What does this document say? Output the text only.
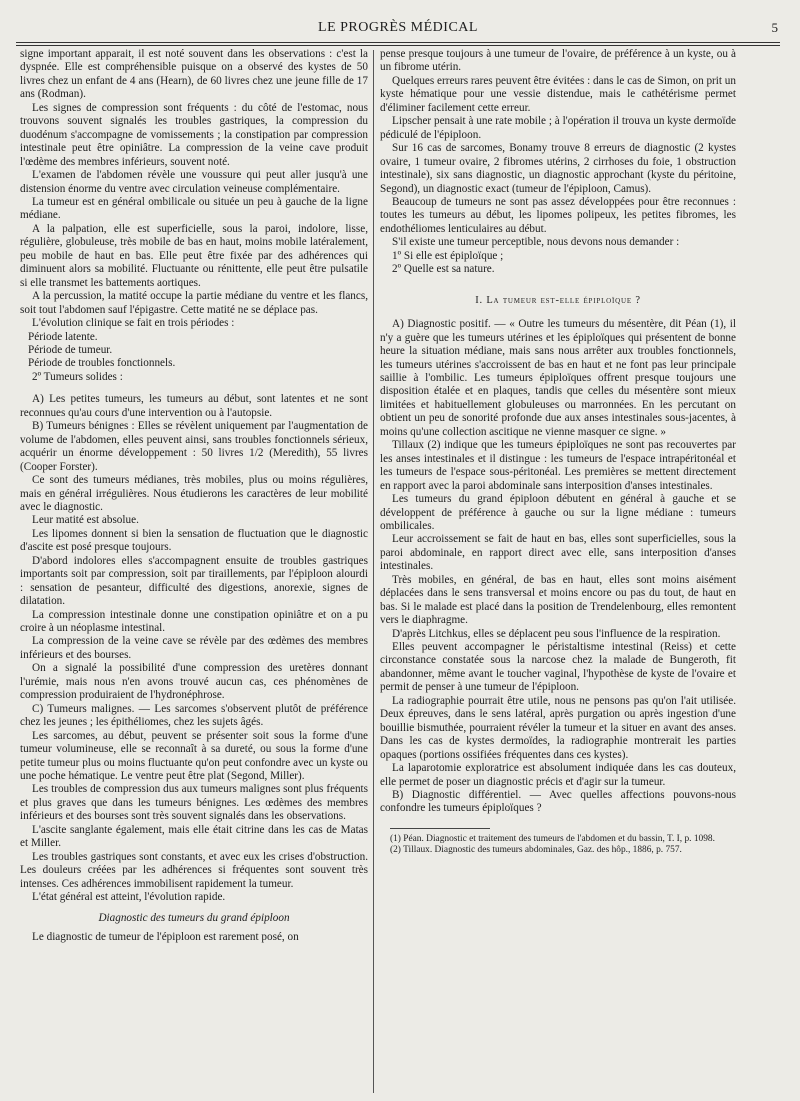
LE PROGRÈS MÉDICAL	5

signe important apparait, il est noté souvent dans les observations : c'est la dyspnée. Elle est compréhensible puisque on a observé des kystes de 50 livres chez un enfant de 4 ans (Hearn), de 60 livres chez une jeune fille de 17 ans (Rodman).

Les signes de compression sont fréquents : du côté de l'estomac, nous trouvons souvent signalés les troubles gastriques, la compression du duodénum s'accompagne de vomissements ; la constipation par compression intestinale peut être opiniâtre. La compression de la veine cave produit l'œdème des membres inférieurs, souvent noté.

L'examen de l'abdomen révèle une voussure qui peut aller jusqu'à une distension énorme du ventre avec circulation veineuse complémentaire.

La tumeur est en général ombilicale ou située un peu à gauche de la ligne médiane.

A la palpation, elle est superficielle, sous la paroi, indolore, lisse, régulière, globuleuse, très mobile de bas en haut, moins mobile latéralement, peu mobile de haut en bas. Elle peut être fixée par des adhérences qui diminuent alors sa mobilité. Fluctuante ou rénittente, elle peut être pulsatile si elle transmet les battements aortiques.

A la percussion, la matité occupe la partie médiane du ventre et les flancs, soit tout l'abdomen sauf l'épigastre. Cette matité ne se déplace pas.

L'évolution clinique se fait en trois périodes :

Période latente.

Période de tumeur.

Période de troubles fonctionnels.

2º Tumeurs solides :

A) Les petites tumeurs, les tumeurs au début, sont latentes et ne sont reconnues qu'au cours d'une intervention ou à l'autopsie.

B) Tumeurs bénignes : Elles se révèlent uniquement par l'augmentation de volume de l'abdomen, elles peuvent ainsi, sans troubles fonctionnels sérieux, acquérir un énorme développement : 50 livres 1/2 (Meredith), 55 livres (Cooper Forster).

Ce sont des tumeurs médianes, très mobiles, plus ou moins régulières, mais en général irrégulières. Nous étudierons les caractères de leur mobilité avec le diagnostic.

Leur matité est absolue.

Les lipomes donnent si bien la sensation de fluctuation que le diagnostic d'ascite est posé presque toujours.

D'abord indolores elles s'accompagnent ensuite de troubles gastriques importants soit par compression, soit par tiraillements, par l'épiploon alourdi : sensation de pesanteur, difficulté des digestions, anorexie, signes de dilatation.

La compression intestinale donne une constipation opiniâtre et on a pu croire à un néoplasme intestinal.

La compression de la veine cave se révèle par des œdèmes des membres inférieurs et des bourses.

On a signalé la possibilité d'une compression des uretères donnant l'urémie, mais nous n'en avons trouvé aucun cas, ces phénomènes de compression produiraient de l'hydronéphrose.

C) Tumeurs malignes. — Les sarcomes s'observent plutôt de préférence chez les jeunes ; les épithéliomes, chez les sujets âgés.

Les sarcomes, au début, peuvent se présenter soit sous la forme d'une tumeur volumineuse, elle se reconnaît à sa dureté, ou sous la forme d'une petite tumeur plus ou moins fluctuante qu'on peut confondre avec un kyste ou une poche hématique. Le ventre peut être plat (Segond, Miller).

Les troubles de compression dus aux tumeurs malignes sont plus fréquents et plus graves que dans les tumeurs bénignes. Les œdèmes des membres inférieurs et des bourses sont très souvent signalés dans les observations.

L'ascite sanglante également, mais elle était citrine dans les cas de Matas et Miller.

Les troubles gastriques sont constants, et avec eux les crises d'obstruction. Les douleurs créées par les adhérences si fréquentes sont souvent très intenses. Ces adhérences immobilisent rapidement la tumeur.

L'état général est atteint, l'évolution rapide.

Diagnostic des tumeurs du grand épiploon

Le diagnostic de tumeur de l'épiploon est rarement posé, on

pense presque toujours à une tumeur de l'ovaire, de préférence à un kyste, ou à un fibrome utérin.

Quelques erreurs rares peuvent être évitées : dans le cas de Simon, on prit un kyste hématique pour une vessie distendue, mais le cathétérisme permet d'éliminer facilement cette erreur.

Lipscher pensait à une rate mobile ; à l'opération il trouva un kyste dermoïde pédiculé de l'épiploon.

Sur 16 cas de sarcomes, Bonamy trouve 8 erreurs de diagnostic (2 kystes ovaire, 1 tumeur ovaire, 2 fibromes utérins, 2 cirrhoses du foie, 1 obstruction intestinale), six sans diagnostic, un diagnostic approchant (kyste du péritoine, Segond), un diagnostic exact (tumeur de l'épiploon, Camus).

Beaucoup de tumeurs ne sont pas assez développées pour être reconnues : toutes les tumeurs au début, les lipomes polipeux, les petites fibromes, les endothéliomes lenticulaires au début.

S'il existe une tumeur perceptible, nous devons nous demander :

1º Si elle est épiploïque ;

2º Quelle est sa nature.

I. La tumeur est-elle épiploïque ?

A) Diagnostic positif. — « Outre les tumeurs du mésentère, dit Péan (1), il n'y a guère que les tumeurs utérines et les épiploïques qui présentent de bonne heure la situation médiane, mais sans nous arrêter aux troubles fonctionnels, les tumeurs utérines s'accroissent de bas en haut et ne font pas leur principale saillie à l'ombilic. Les tumeurs épiploïques offrent presque toujours une disposition étalée et en plaques, tandis que celles du mésentère sont mieux limitées et habituellement globuleuses ou marronnées. En les percutant on obtient un peu de sonorité profonde due aux anses intestinales sous-jacentes, à moins qu'une collection ascitique ne vienne masquer ce signe. »

Tillaux (2) indique que les tumeurs épiploïques ne sont pas recouvertes par les anses intestinales et il distingue : les tumeurs de l'espace intrapéritonéal et les tumeurs de l'espace sous-péritonéal. Les premières se mettent directement en rapport avec la paroi abdominale sans interposition d'anses intestinales.

Les tumeurs du grand épiploon débutent en général à gauche et se développent de préférence à gauche ou sur la ligne médiane : tumeurs ombilicales.

Leur accroissement se fait de haut en bas, elles sont superficielles, sous la paroi abdominale, en rapport direct avec elle, sans interposition d'anses intestinales.

Très mobiles, en général, de bas en haut, elles sont moins aisément déplacées dans le sens transversal et moins encore ou pas du tout, de haut en bas. Si le malade est placé dans la position de Trendelenbourg, elles remontent vers le diaphragme.

D'après Litchkus, elles se déplacent peu sous l'influence de la respiration.

Elles peuvent accompagner le péristaltisme intestinal (Reiss) et cette circonstance constatée sous la narcose chez la malade de Bungeroth, fit abandonner, même avant le toucher vaginal, l'hypothèse de kyste de l'ovaire et permit de penser à une tumeur de l'épiploon.

La radiographie pourrait être utile, nous ne pensons pas qu'on l'ait utilisée. Deux épreuves, dans le sens latéral, après purgation ou après ingestion d'une bouillie bismuthée, pourraient révéler la tumeur et la situer en avant des anses. Dans les cas de kystes dermoïdes, la radiographie montrerait les parties opaques (portions ossifiées fréquentes dans ces kystes).

La laparotomie exploratrice est absolument indiquée dans les cas douteux, elle permet de poser un diagnostic précis et d'agir sur la tumeur.

B) Diagnostic différentiel. — Avec quelles affections pouvons-nous confondre les tumeurs épiploïques ?

(1) Péan. Diagnostic et traitement des tumeurs de l'abdomen et du bassin, T. I, p. 1098.

(2) Tillaux. Diagnostic des tumeurs abdominales, Gaz. des hôp., 1886, p. 757.
